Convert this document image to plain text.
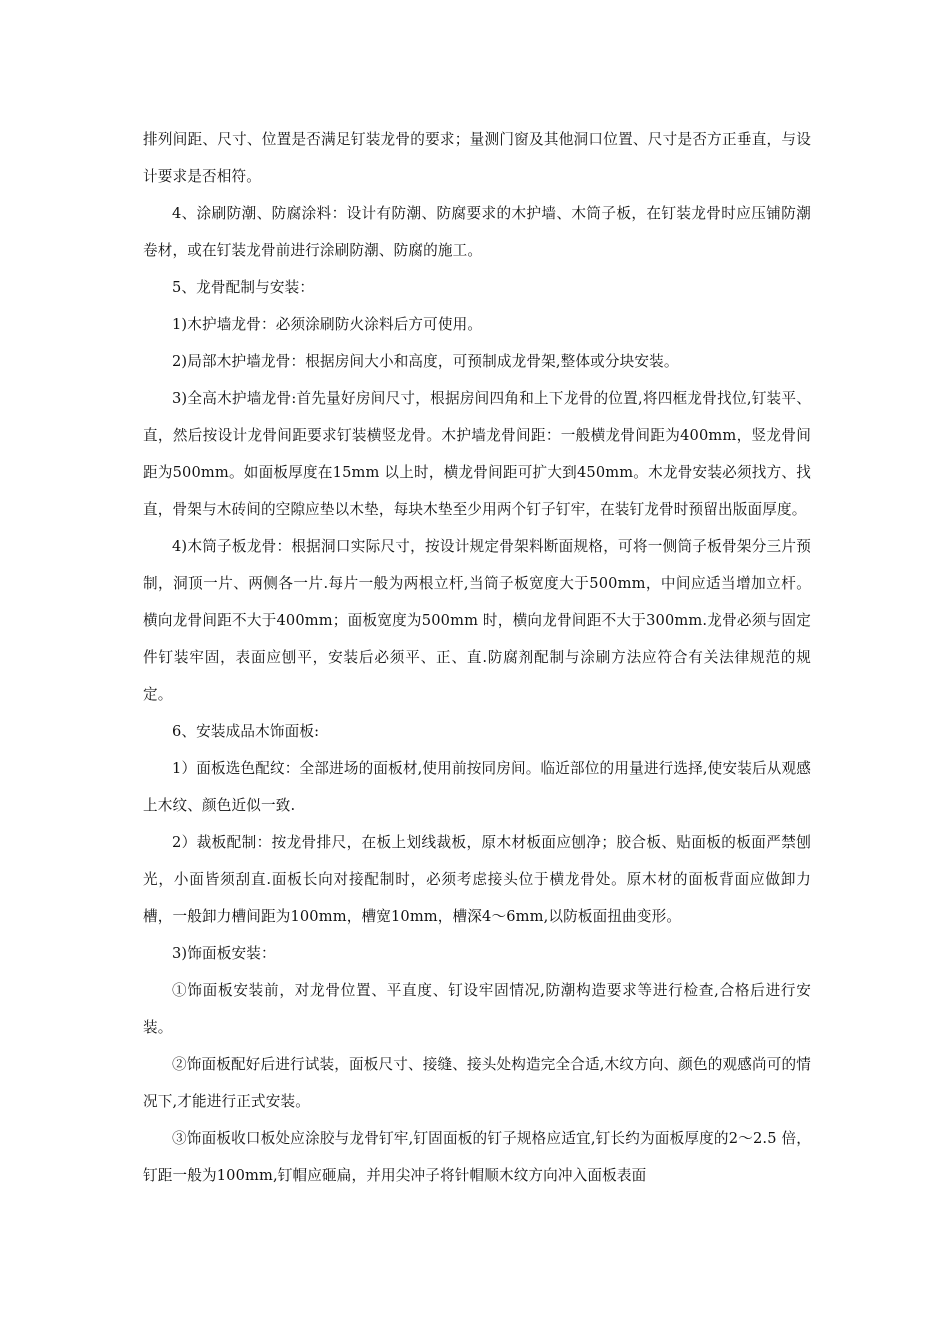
排列间距、尺寸、位置是否满足钉装龙骨的要求；量测门窗及其他洞口位置、尺寸是否方正垂直，与设计要求是否相符。

4、涂刷防潮、防腐涂料：设计有防潮、防腐要求的木护墙、木筒子板，在钉装龙骨时应压铺防潮卷材，或在钉装龙骨前进行涂刷防潮、防腐的施工。

5、龙骨配制与安装：

1)木护墙龙骨：必须涂刷防火涂料后方可使用。

2)局部木护墙龙骨：根据房间大小和高度，可预制成龙骨架,整体或分块安装。

3)全高木护墙龙骨:首先量好房间尺寸，根据房间四角和上下龙骨的位置,将四框龙骨找位,钉装平、直，然后按设计龙骨间距要求钉装横竖龙骨。木护墙龙骨间距：一般横龙骨间距为400mm，竖龙骨间距为500mm。如面板厚度在15mm 以上时，横龙骨间距可扩大到450mm。木龙骨安装必须找方、找直，骨架与木砖间的空隙应垫以木垫，每块木垫至少用两个钉子钉牢，在装钉龙骨时预留出版面厚度。

4)木筒子板龙骨：根据洞口实际尺寸，按设计规定骨架料断面规格，可将一侧筒子板骨架分三片预制，洞顶一片、两侧各一片.每片一般为两根立杆,当筒子板宽度大于500mm，中间应适当增加立杆。横向龙骨间距不大于400mm；面板宽度为500mm 时，横向龙骨间距不大于300mm.龙骨必须与固定件钉装牢固，表面应刨平，安装后必须平、正、直.防腐剂配制与涂刷方法应符合有关法律规范的规定。

6、安装成品木饰面板:

1）面板选色配纹：全部进场的面板材,使用前按同房间。临近部位的用量进行选择,使安装后从观感上木纹、颜色近似一致.

2）裁板配制：按龙骨排尺，在板上划线裁板，原木材板面应刨净；胶合板、贴面板的板面严禁刨光，小面皆须刮直.面板长向对接配制时，必须考虑接头位于横龙骨处。原木材的面板背面应做卸力槽，一般卸力槽间距为100mm，槽宽10mm，槽深4～6mm,以防板面扭曲变形。

3)饰面板安装：

①饰面板安装前，对龙骨位置、平直度、钉设牢固情况,防潮构造要求等进行检查,合格后进行安装。

②饰面板配好后进行试装，面板尺寸、接缝、接头处构造完全合适,木纹方向、颜色的观感尚可的情况下,才能进行正式安装。

③饰面板收口板处应涂胶与龙骨钉牢,钉固面板的钉子规格应适宜,钉长约为面板厚度的2～2.5 倍，钉距一般为100mm,钉帽应砸扁，并用尖冲子将针帽顺木纹方向冲入面板表面
